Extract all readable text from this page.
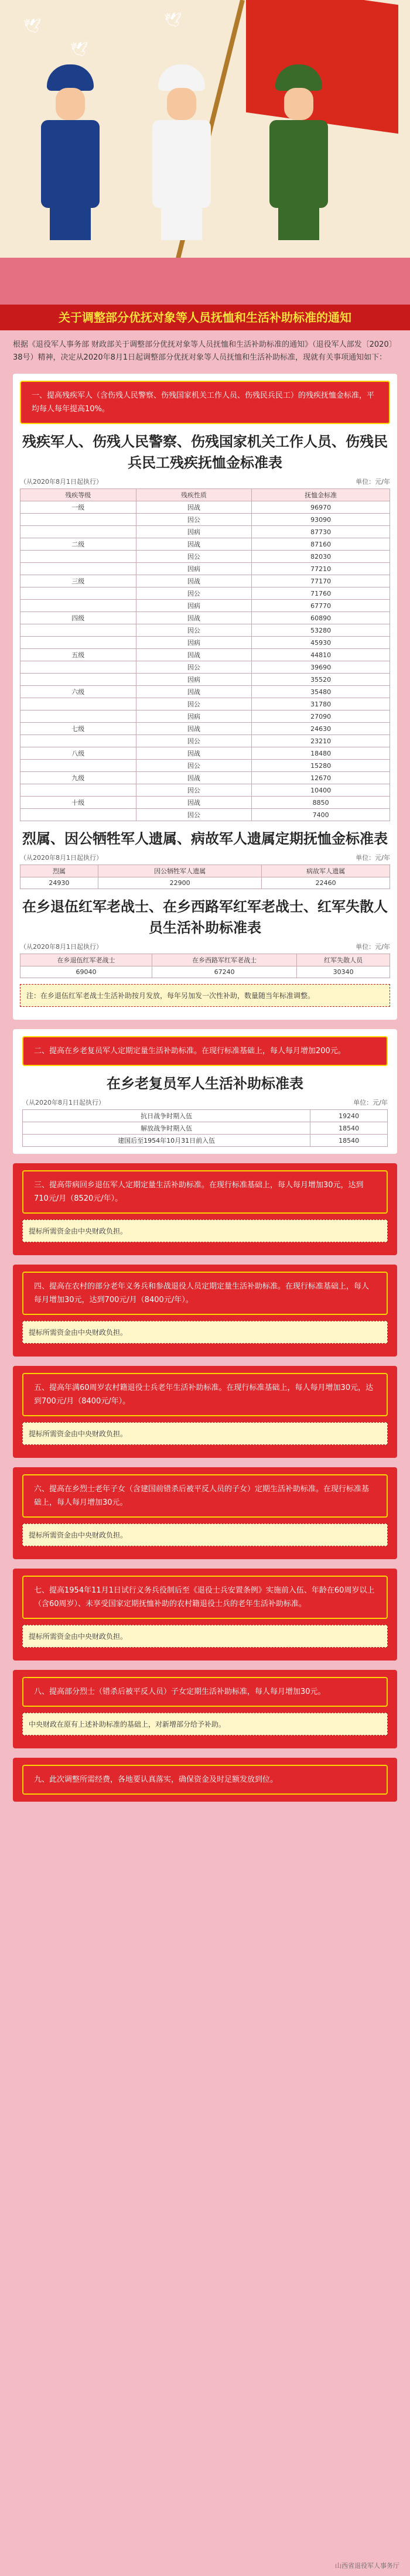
🕊
🕊
🕊
关于调整部分优抚对象等人员抚恤和生活补助标准的通知
根据《退役军人事务部 财政部关于调整部分优抚对象等人员抚恤和生活补助标准的通知》（退役军人部发〔2020〕38号）精神，决定从2020年8月1日起调整部分优抚对象等人员抚恤和生活补助标准，现就有关事项通知如下：
一、提高残疾军人（含伤残人民警察、伤残国家机关工作人员、伤残民兵民工）的残疾抚恤金标准，平均每人每年提高10%。
残疾军人、伤残人民警察、伤残国家机关工作人员、伤残民兵民工残疾抚恤金标准表
（从2020年8月1日起执行）	单位：元/年
残疾等级	残疾性质	抚恤金标准
一级	因战	96970
	因公	93090
	因病	87730
二级	因战	87160
	因公	82030
	因病	77210
三级	因战	77170
	因公	71760
	因病	67770
四级	因战	60890
	因公	53280
	因病	45930
五级	因战	44810
	因公	39690
	因病	35520
六级	因战	35480
	因公	31780
	因病	27090
七级	因战	24630
	因公	23210
八级	因战	18480
	因公	15280
九级	因战	12670
	因公	10400
十级	因战	8850
	因公	7400
烈属、因公牺牲军人遗属、病故军人遗属定期抚恤金标准表
（从2020年8月1日起执行）	单位：元/年
烈属	因公牺牲军人遗属	病故军人遗属
24930	22900	22460
在乡退伍红军老战士、在乡西路军红军老战士、红军失散人员生活补助标准表
（从2020年8月1日起执行）	单位：元/年
在乡退伍红军老战士	在乡西路军红军老战士	红军失散人员
69040	67240	30340
注：在乡退伍红军老战士生活补助按月发放，每年另加发一次性补助，数量随当年标准调整。
二、提高在乡老复员军人定期定量生活补助标准。在现行标准基础上，每人每月增加200元。
在乡老复员军人生活补助标准表
（从2020年8月1日起执行）	单位：元/年
抗日战争时期入伍	19240
解放战争时期入伍	18540
建国后至1954年10月31日前入伍	18540
三、提高带病回乡退伍军人定期定量生活补助标准。在现行标准基础上，每人每月增加30元，达到710元/月（8520元/年）。
提标所需资金由中央财政负担。
四、提高在农村的部分老年义务兵和参战退役人员定期定量生活补助标准。在现行标准基础上，每人每月增加30元，达到700元/月（8400元/年）。
提标所需资金由中央财政负担。
五、提高年满60周岁农村籍退役士兵老年生活补助标准。在现行标准基础上，每人每月增加30元，达到700元/月（8400元/年）。
提标所需资金由中央财政负担。
六、提高在乡烈士老年子女（含建国前错杀后被平反人员的子女）定期生活补助标准。在现行标准基础上，每人每月增加30元。
提标所需资金由中央财政负担。
七、提高1954年11月1日试行义务兵役制后至《退役士兵安置条例》实施前入伍、年龄在60周岁以上（含60周岁）、未享受国家定期抚恤补助的农村籍退役士兵的老年生活补助标准。
提标所需资金由中央财政负担。
八、提高部分烈士（错杀后被平反人员）子女定期生活补助标准，每人每月增加30元。
中央财政在原有上述补助标准的基础上，对新增部分给予补助。
九、此次调整所需经费，各地要认真落实，确保资金及时足额发放到位。
山西省退役军人事务厅
